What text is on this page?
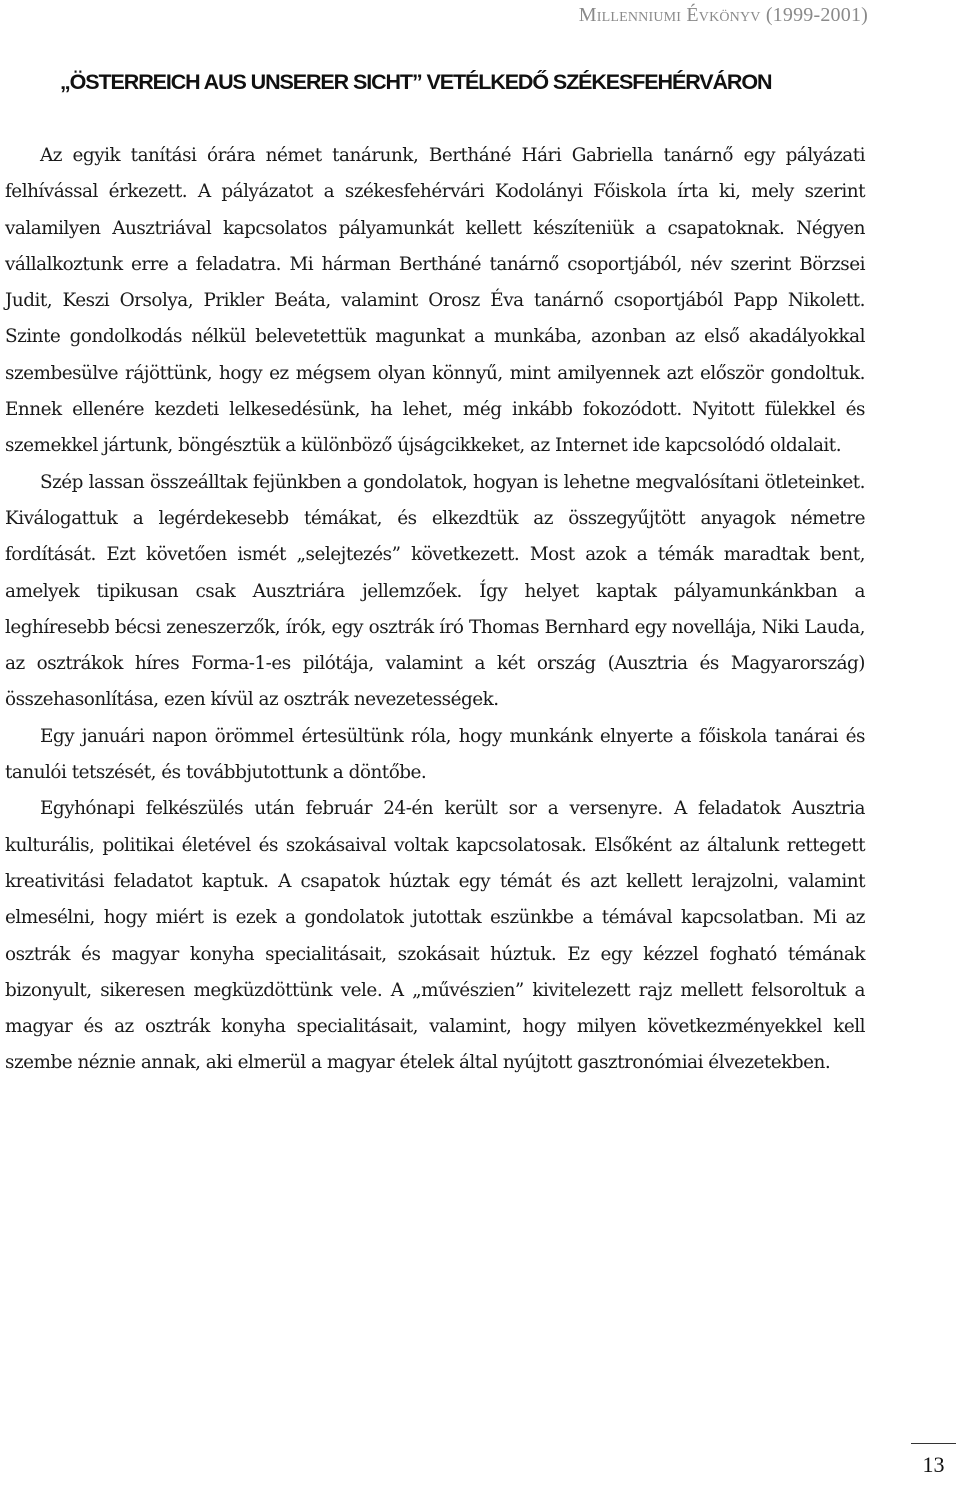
Millenniumi Évkönyv (1999-2001)
„ÖSTERREICH AUS UNSERER SICHT” VETÉLKEDŐ SZÉKESFEHÉRVÁRON

Az egyik tanítási órára német tanárunk, Bertháné Hári Gabriella tanárnő egy pályázati felhívással érkezett. A pályázatot a székesfehérvári Kodolányi Főiskola írta ki, mely szerint valamilyen Ausztriával kapcsolatos pályamunkát kellett készíteniük a csapatoknak. Négyen vállalkoztunk erre a feladatra. Mi hárman Bertháné tanárnő csoportjából, név szerint Börzsei Judit, Keszi Orsolya, Prikler Beáta, valamint Orosz Éva tanárnő csoportjából Papp Nikolett. Szinte gondolkodás nélkül belevetettük magunkat a munkába, azonban az első akadályokkal szembesülve rájöttünk, hogy ez mégsem olyan könnyű, mint amilyennek azt először gondoltuk. Ennek ellenére kezdeti lelkesedésünk, ha lehet, még inkább fokozódott. Nyitott fülekkel és szemekkel jártunk, böngésztük a különböző újságcikkeket, az Internet ide kapcsolódó oldalait.

Szép lassan összeálltak fejünkben a gondolatok, hogyan is lehetne megvalósítani ötleteinket. Kiválogattuk a legérdekesebb témákat, és elkezdtük az összegyűjtött anyagok németre fordítását. Ezt követően ismét „selejtezés” következett. Most azok a témák maradtak bent, amelyek tipikusan csak Ausztriára jellemzőek. Így helyet kaptak pályamunkánkban a leghíresebb bécsi zeneszerzők, írók, egy osztrák író Thomas Bernhard egy novellája, Niki Lauda, az osztrákok híres Forma-1-es pilótája, valamint a két ország (Ausztria és Magyarország) összehasonlítása, ezen kívül az osztrák nevezetességek.

Egy januári napon örömmel értesültünk róla, hogy munkánk elnyerte a főiskola tanárai és tanulói tetszését, és továbbjutottunk a döntőbe.

Egyhónapi felkészülés után február 24-én került sor a versenyre. A feladatok Ausztria kulturális, politikai életével és szokásaival voltak kapcsolatosak. Elsőként az általunk rettegett kreativitási feladatot kaptuk. A csapatok húztak egy témát és azt kellett lerajzolni, valamint elmesélni, hogy miért is ezek a gondolatok jutottak eszünkbe a témával kapcsolatban. Mi az osztrák és magyar konyha specialitásait, szokásait húztuk. Ez egy kézzel fogható témának bizonyult, sikeresen megküzdöttünk vele. A „művészien” kivitelezett rajz mellett felsoroltuk a magyar és az osztrák konyha specialitásait, valamint, hogy milyen következményekkel kell szembe néznie annak, aki elmerül a magyar ételek által nyújtott gasztronómiai élvezetekben.

13
